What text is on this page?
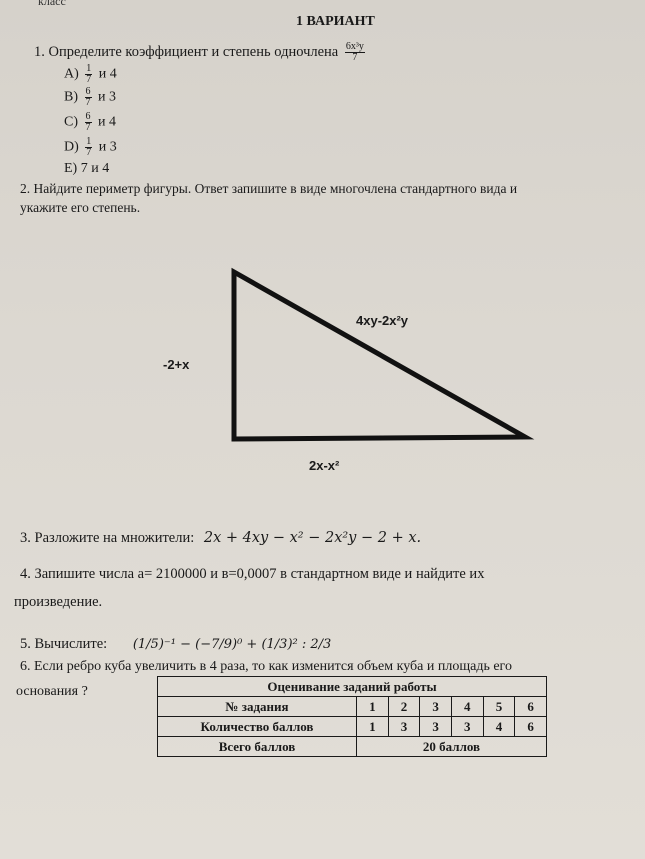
класс
1 ВАРИАНТ
1. Определите коэффициент и степень одночлена $\frac{\text{6x³y}}{7}$
$A) \frac{1}{7}$ и 4
$B) \frac{6}{7}$ и 3
$C) \frac{6}{7}$ и 4
$D) \frac{1}{7}$ и 3
E) 7 и 4
2. Найдите периметр фигуры. Ответ запишите в виде многочлена стандартного вида и
укажите его степень.
-2+x
4xy-2x²y
2x-x²
3. Разложите на множители: 2x + 4xy − x² − 2x²y − 2 + x.
4. Запишите числа a= 2100000 и в=0,0007 в стандартном виде и найдите их
произведение.
5. Вычислите: (1/5)⁻¹ − (−7/9)⁰ + (1/3)² : 2/3
6. Если ребро куба увеличить в 4 раза, то как изменится объем куба и площадь его
основания ?	Оценивание заданий работы						
№ задания	1	2	3	4	5	6
Количество баллов	1	3	3	3	4	6
Всего баллов	20 баллов					
